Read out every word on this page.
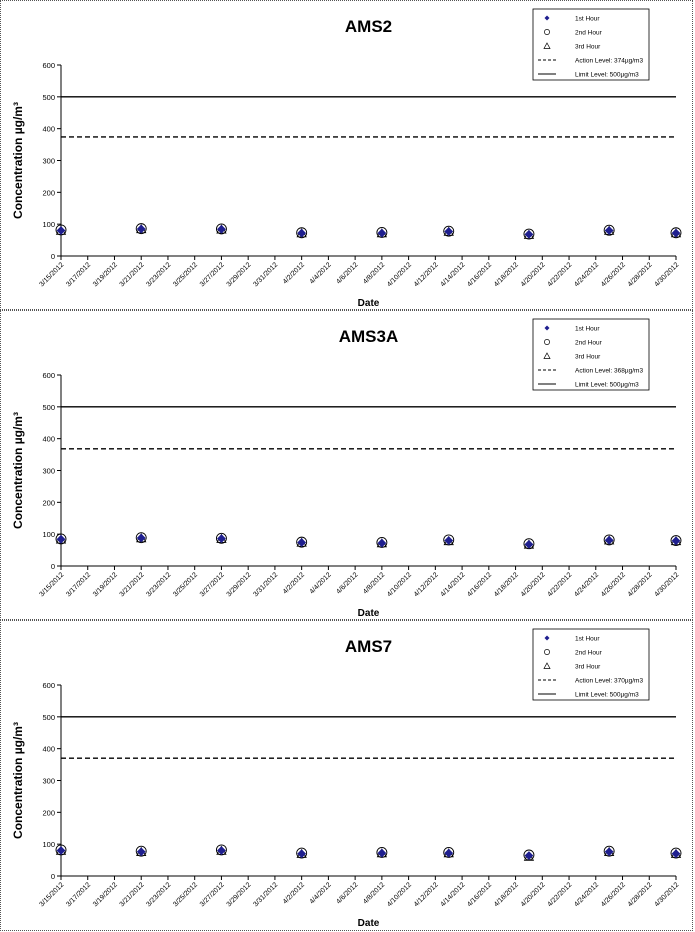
AMS2
0
100
200
300
400
500
600
3/15/2012 3/17/2012 3/19/2012 3/21/2012 3/23/2012 3/25/2012 3/27/2012 3/29/2012 3/31/2012 4/2/2012 4/4/2012 4/6/2012 4/8/2012 4/10/2012 4/12/2012 4/14/2012 4/16/2012 4/18/2012 4/20/2012 4/22/2012 4/24/2012 4/26/2012 4/28/2012 4/30/2012
Concentration µg/m³
Date
1st Hour
2nd Hour
3rd Hour
Action Level: 374µg/m3
Limit Level: 500µg/m3
AMS3A
0
100
200
300
400
500
600
3/15/2012 3/17/2012 3/19/2012 3/21/2012 3/23/2012 3/25/2012 3/27/2012 3/29/2012 3/31/2012 4/2/2012 4/4/2012 4/6/2012 4/8/2012 4/10/2012 4/12/2012 4/14/2012 4/16/2012 4/18/2012 4/20/2012 4/22/2012 4/24/2012 4/26/2012 4/28/2012 4/30/2012
Concentration µg/m³
Date
1st Hour
2nd Hour
3rd Hour
Action Level: 368µg/m3
Limit Level: 500µg/m3
AMS7
0
100
200
300
400
500
600
3/15/2012 3/17/2012 3/19/2012 3/21/2012 3/23/2012 3/25/2012 3/27/2012 3/29/2012 3/31/2012 4/2/2012 4/4/2012 4/6/2012 4/8/2012 4/10/2012 4/12/2012 4/14/2012 4/16/2012 4/18/2012 4/20/2012 4/22/2012 4/24/2012 4/26/2012 4/28/2012 4/30/2012
Concentration µg/m³
Date
1st Hour
2nd Hour
3rd Hour
Action Level: 370µg/m3
Limit Level: 500µg/m3
